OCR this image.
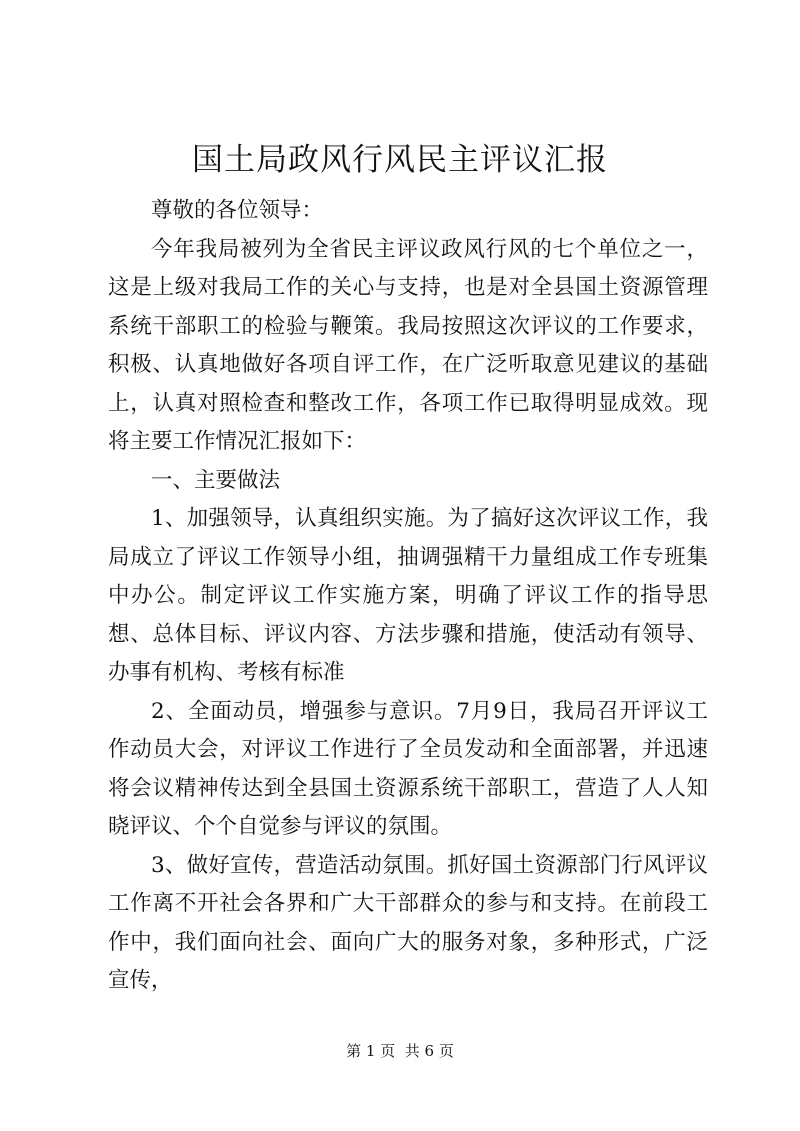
国土局政风行风民主评议汇报

尊敬的各位领导：

今年我局被列为全省民主评议政风行风的七个单位之一，这是上级对我局工作的关心与支持，也是对全县国土资源管理系统干部职工的检验与鞭策。我局按照这次评议的工作要求，积极、认真地做好各项自评工作，在广泛听取意见建议的基础上，认真对照检查和整改工作，各项工作已取得明显成效。现将主要工作情况汇报如下：

一、主要做法

1、加强领导，认真组织实施。为了搞好这次评议工作，我局成立了评议工作领导小组，抽调强精干力量组成工作专班集中办公。制定评议工作实施方案，明确了评议工作的指导思想、总体目标、评议内容、方法步骤和措施，使活动有领导、办事有机构、考核有标准

2、全面动员，增强参与意识。7月9日，我局召开评议工作动员大会，对评议工作进行了全员发动和全面部署，并迅速将会议精神传达到全县国土资源系统干部职工，营造了人人知晓评议、个个自觉参与评议的氛围。

3、做好宣传，营造活动氛围。抓好国土资源部门行风评议工作离不开社会各界和广大干部群众的参与和支持。在前段工作中，我们面向社会、面向广大的服务对象，多种形式，广泛宣传，

第 1 页  共 6 页
